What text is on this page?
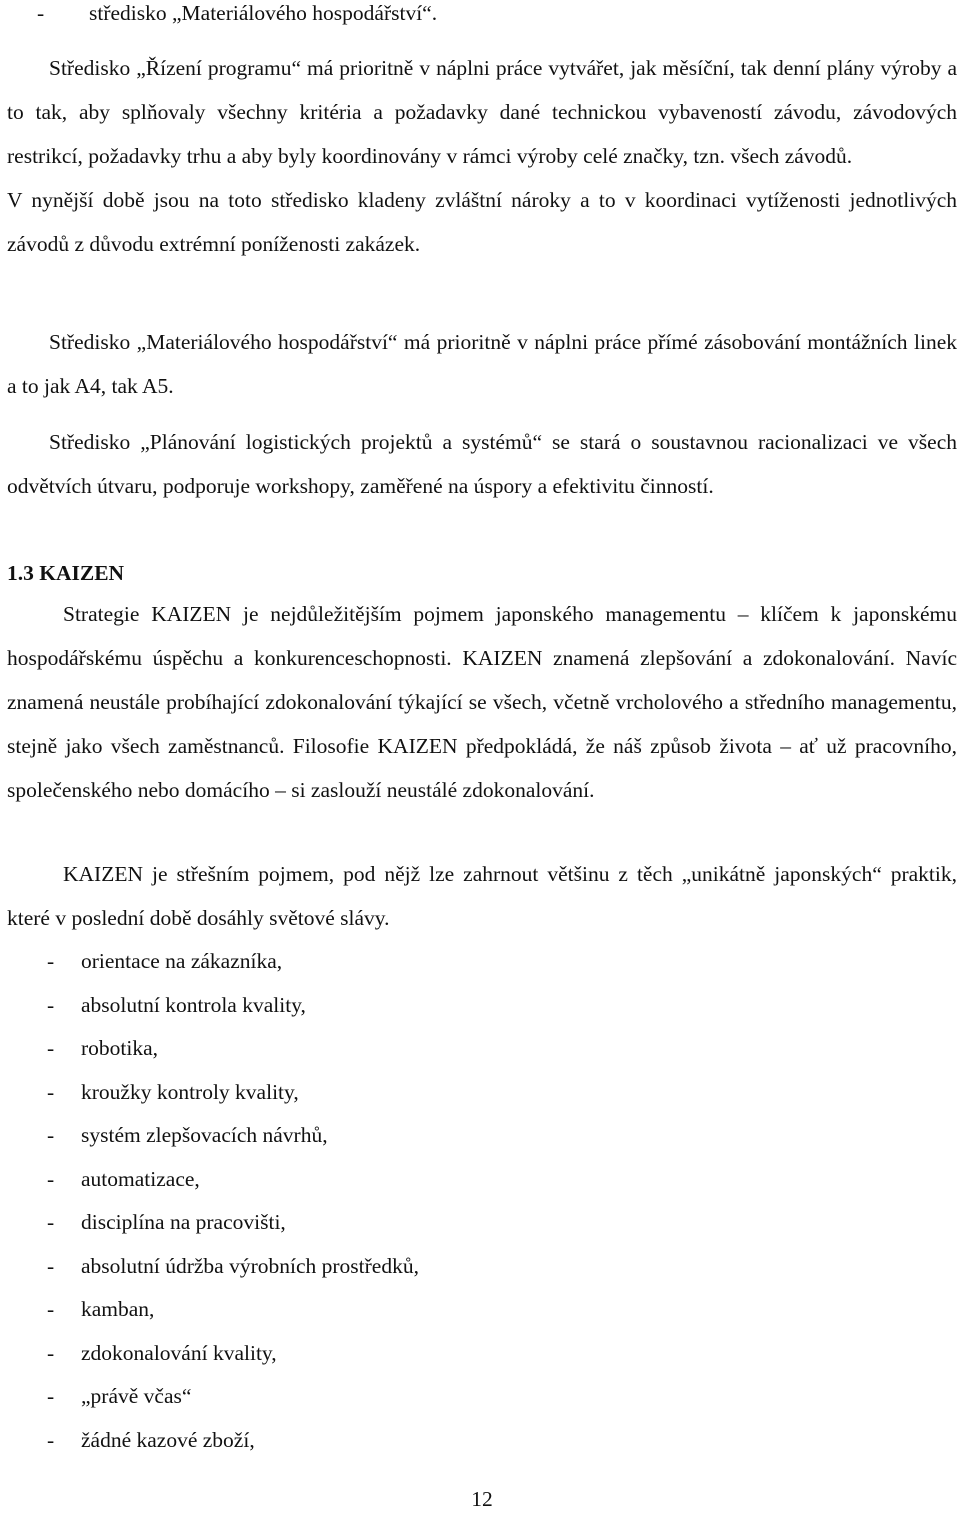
-	středisko „Materiálového hospodářství“.

Středisko „Řízení programu“ má prioritně v náplni práce vytvářet, jak měsíční, tak denní plány výroby a to tak, aby splňovaly všechny kritéria a požadavky dané technickou vybaveností závodu, závodových restrikcí, požadavky trhu a aby byly koordinovány v rámci výroby celé značky, tzn. všech závodů.

V nynější době jsou na toto středisko kladeny zvláštní nároky a to v koordinaci vytíženosti jednotlivých závodů z důvodu extrémní poníženosti zakázek.

Středisko „Materiálového hospodářství“ má prioritně v náplni práce přímé zásobování montážních linek a to jak A4, tak A5.

Středisko „Plánování logistických projektů a systémů“ se stará o soustavnou racionalizaci ve všech odvětvích útvaru, podporuje workshopy, zaměřené na úspory a efektivitu činností.

1.3 KAIZEN

Strategie KAIZEN je nejdůležitějším pojmem japonského managementu – klíčem k japonskému hospodářskému úspěchu a konkurenceschopnosti. KAIZEN znamená zlepšování a zdokonalování. Navíc znamená neustále probíhající zdokonalování týkající se všech, včetně vrcholového a středního managementu, stejně jako všech zaměstnanců. Filosofie KAIZEN předpokládá, že náš způsob života – ať už pracovního, společenského nebo domácího – si zaslouží neustálé zdokonalování.

KAIZEN je střešním pojmem, pod nějž lze zahrnout většinu z těch „unikátně japonských“ praktik, které v poslední době dosáhly světové slávy.

-	orientace na zákazníka,
-	absolutní kontrola kvality,
-	robotika,
-	kroužky kontroly kvality,
-	systém zlepšovacích návrhů,
-	automatizace,
-	disciplína na pracovišti,
-	absolutní údržba výrobních prostředků,
-	kamban,
-	zdokonalování kvality,
-	„právě včas“
-	žádné kazové zboží,
12
